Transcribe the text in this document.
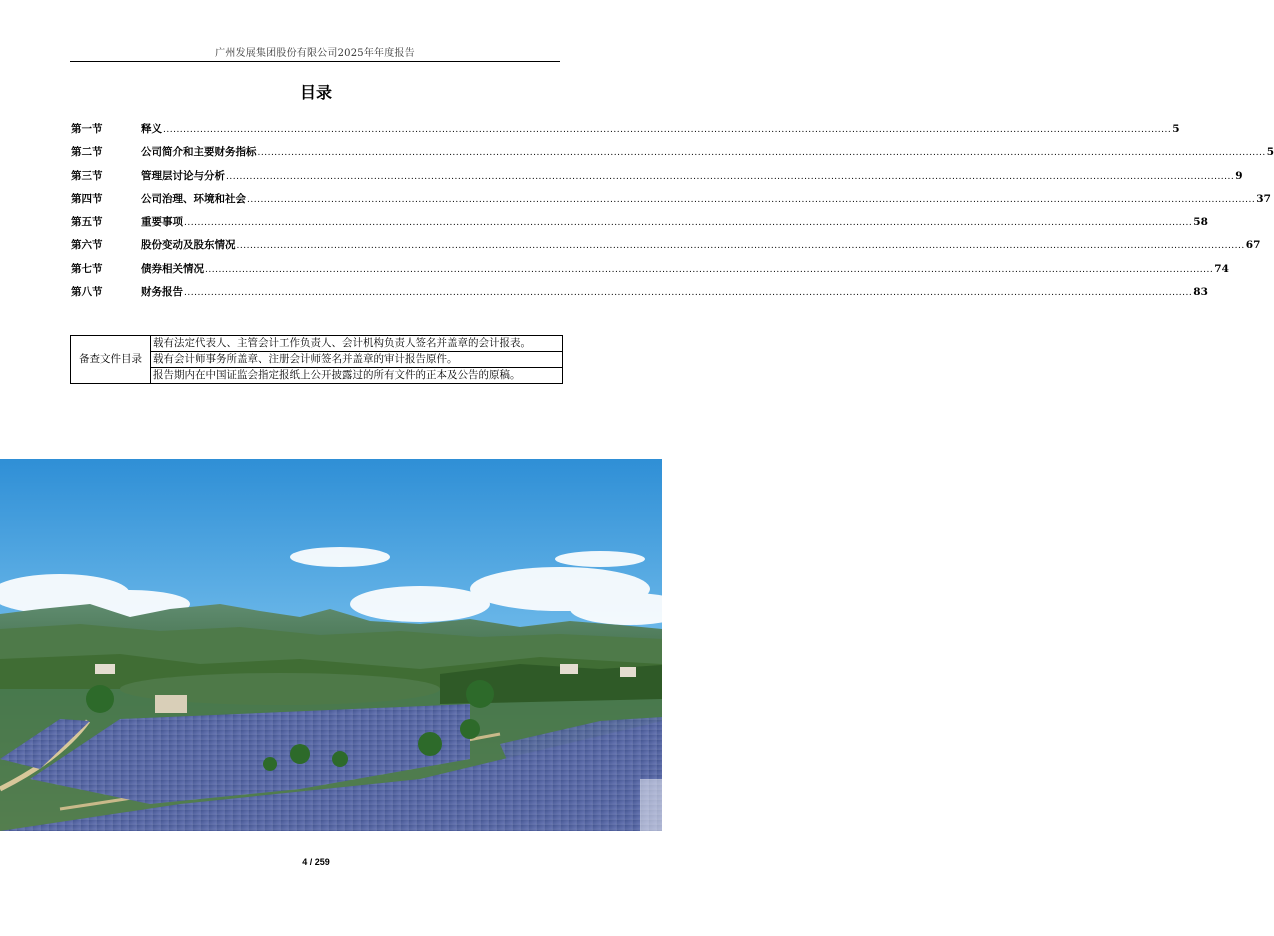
广州发展集团股份有限公司2025年年度报告
目录
第一节	释义 ............................................................................................................................................................................................................................................................................................................ 5
第二节	公司简介和主要财务指标 ............................................................................................................................................................................................................................................................................................................ 5
第三节	管理层讨论与分析 ............................................................................................................................................................................................................................................................................................................ 9
第四节	公司治理、环境和社会 ............................................................................................................................................................................................................................................................................................................ 37
第五节	重要事项 ............................................................................................................................................................................................................................................................................................................ 58
第六节	股份变动及股东情况 ............................................................................................................................................................................................................................................................................................................ 67
第七节	债券相关情况 ............................................................................................................................................................................................................................................................................................................ 74
第八节	财务报告 ............................................................................................................................................................................................................................................................................................................ 83
备查文件目录	载有法定代表人、主管会计工作负责人、会计机构负责人签名并盖章的会计报表。
载有会计师事务所盖章、注册会计师签名并盖章的审计报告原件。
报告期内在中国证监会指定报纸上公开披露过的所有文件的正本及公告的原稿。
4 / 259
